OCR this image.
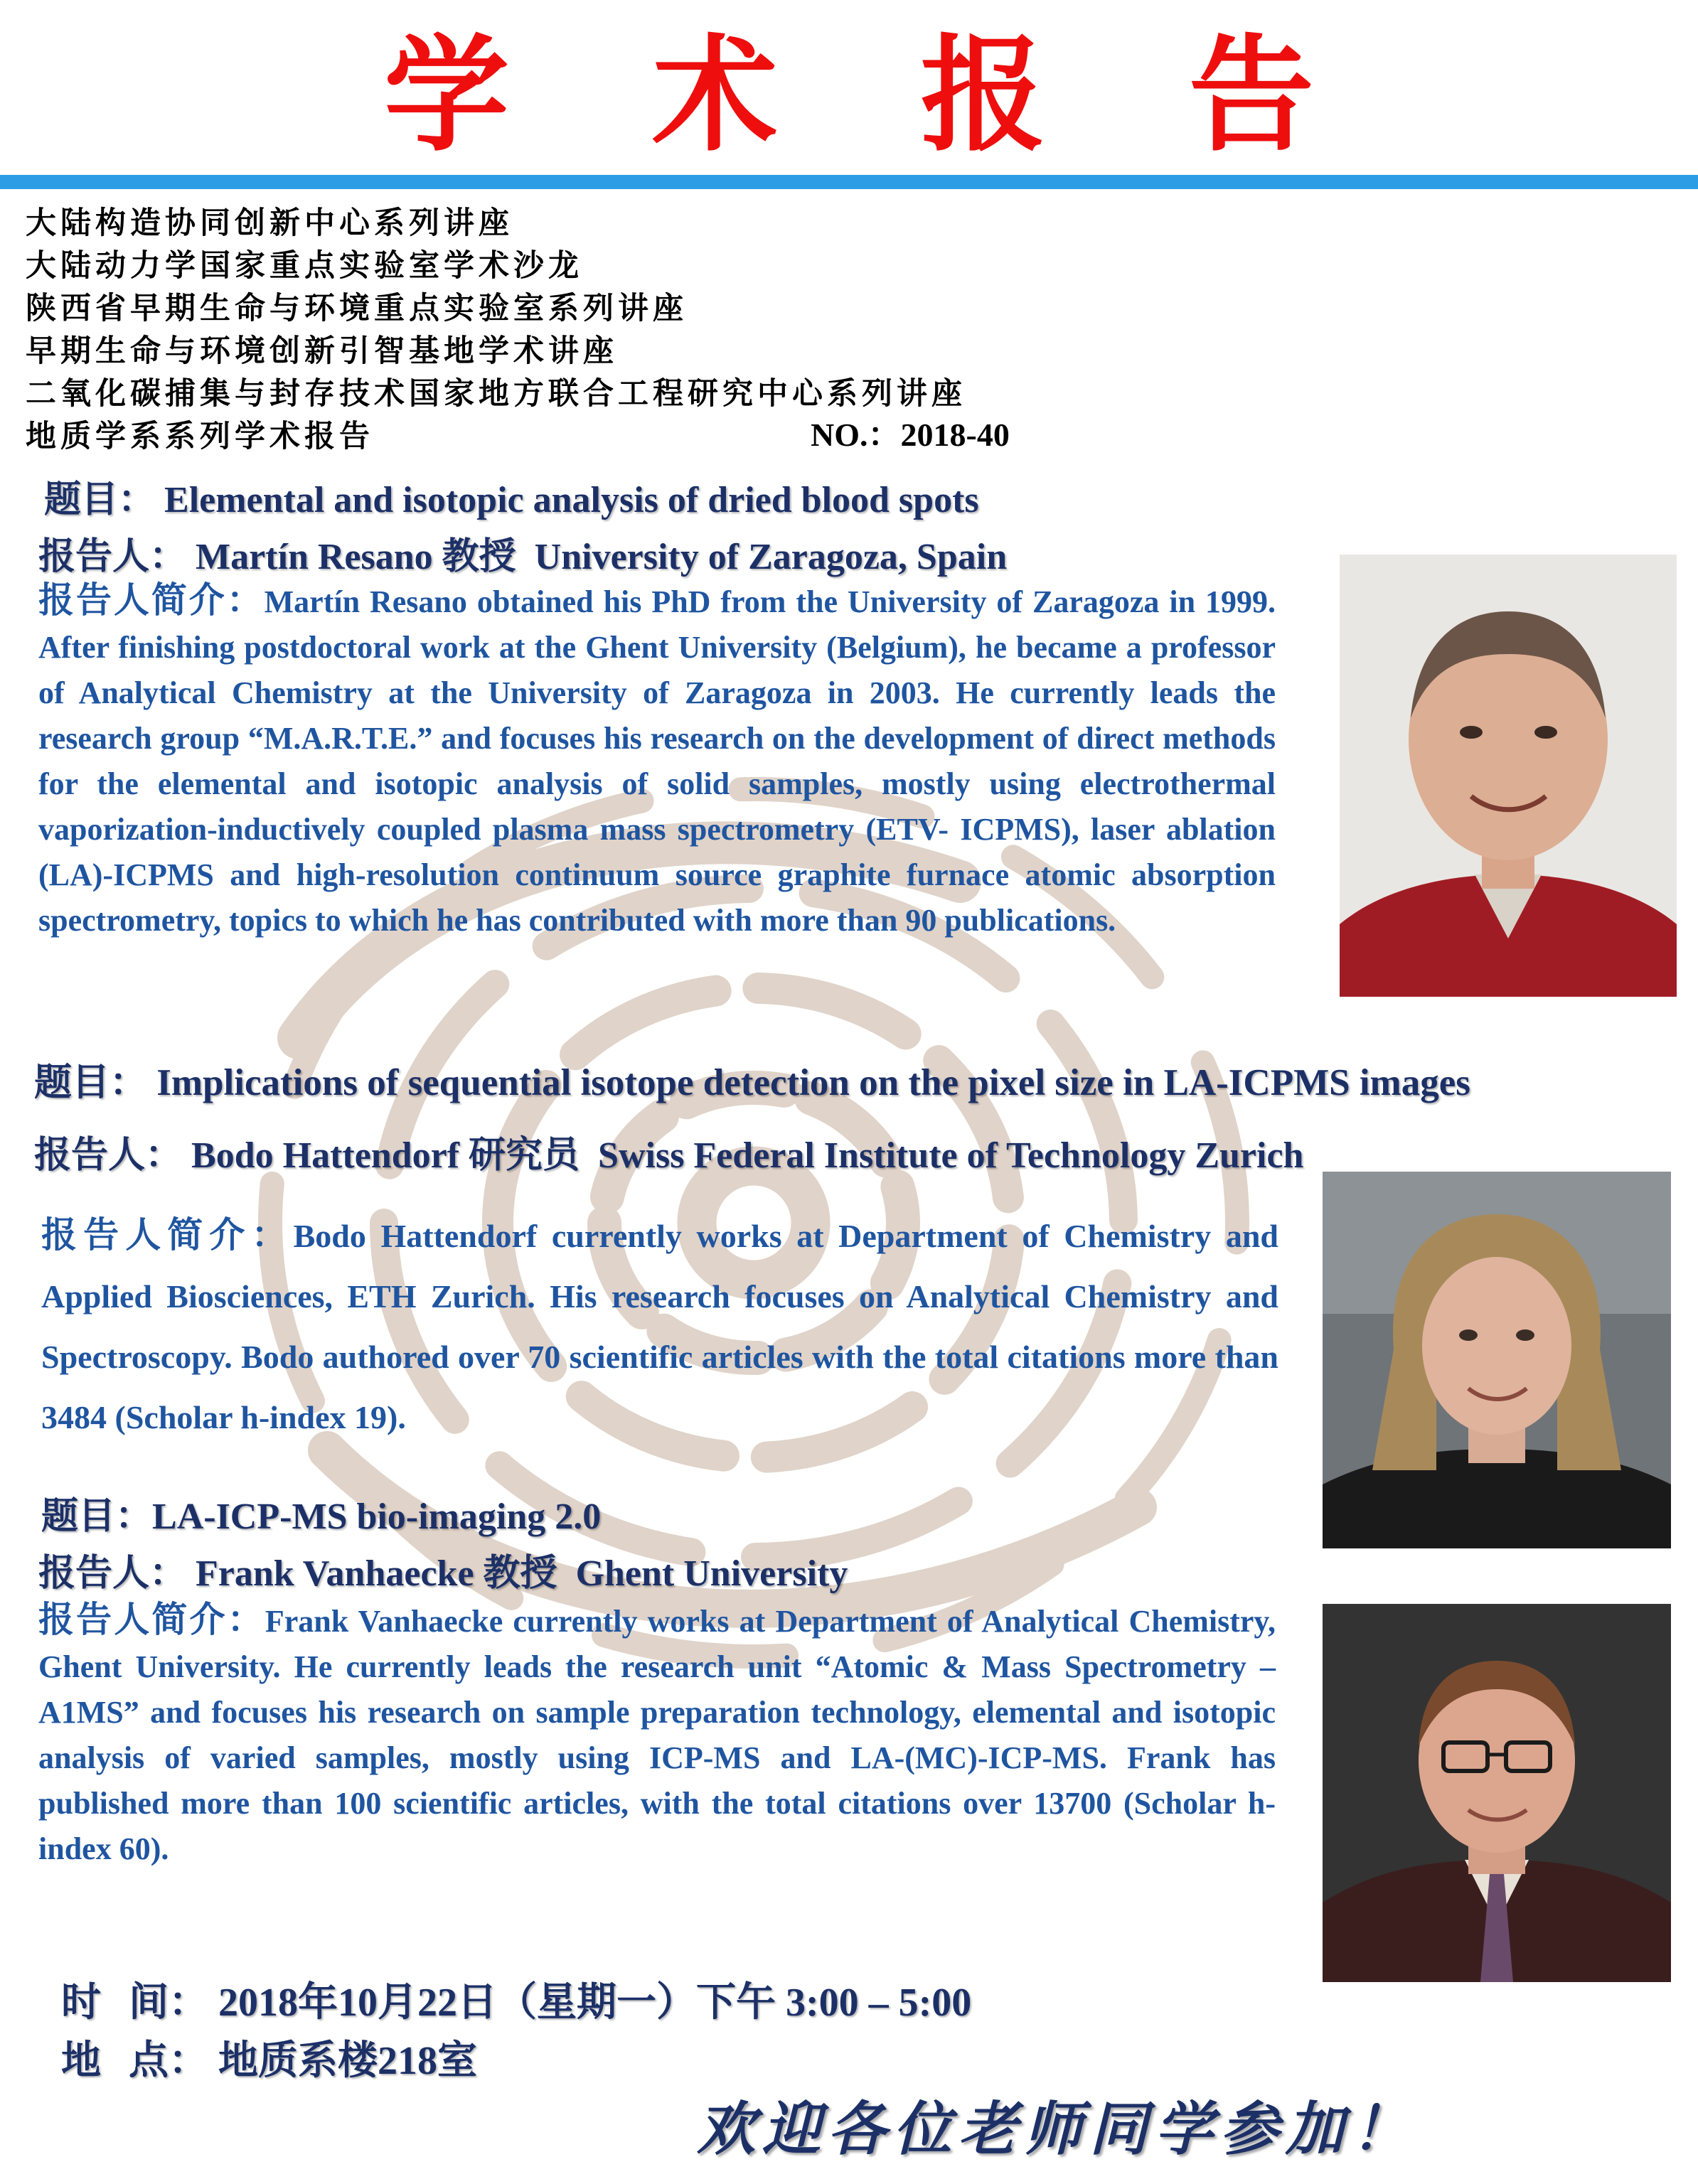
学 术 报 告
大陆构造协同创新中心系列讲座
大陆动力学国家重点实验室学术沙龙
陕西省早期生命与环境重点实验室系列讲座
早期生命与环境创新引智基地学术讲座
二氧化碳捕集与封存技术国家地方联合工程研究中心系列讲座
地质学系系列学术报告	NO.：2018-40
题目： Elemental and isotopic analysis of dried blood spots
报告人： Martín Resano 教授 University of Zaragoza, Spain
报告人简介：Martín Resano obtained his PhD from the University of Zaragoza in 1999. After finishing postdoctoral work at the Ghent University (Belgium), he became a professor of Analytical Chemistry at the University of Zaragoza in 2003. He currently leads the research group “M.A.R.T.E.” and focuses his research on the development of direct methods for the elemental and isotopic analysis of solid samples, mostly using electrothermal vaporization-inductively coupled plasma mass spectrometry (ETV- ICPMS), laser ablation (LA)-ICPMS and high-resolution continuum source graphite furnace atomic absorption spectrometry, topics to which he has contributed with more than 90 publications.
题目： Implications of sequential isotope detection on the pixel size in LA-ICPMS images
报告人： Bodo Hattendorf 研究员 Swiss Federal Institute of Technology Zurich
报告人简介：Bodo Hattendorf currently works at Department of Chemistry and Applied Biosciences, ETH Zurich. His research focuses on Analytical Chemistry and Spectroscopy. Bodo authored over 70 scientific articles with the total citations more than 3484 (Scholar h-index 19).
题目：LA-ICP-MS bio-imaging 2.0
报告人： Frank Vanhaecke 教授 Ghent University
报告人简介：Frank Vanhaecke currently works at Department of Analytical Chemistry, Ghent University. He currently leads the research unit “Atomic & Mass Spectrometry – A1MS” and focuses his research on sample preparation technology, elemental and isotopic analysis of varied samples, mostly using ICP-MS and LA-(MC)-ICP-MS. Frank has published more than 100 scientific articles, with the total citations over 13700 (Scholar h-index 60).
时  间： 2018年10月22日（星期一）下午 3:00 – 5:00
地  点： 地质系楼218室
欢迎各位老师同学参加！
